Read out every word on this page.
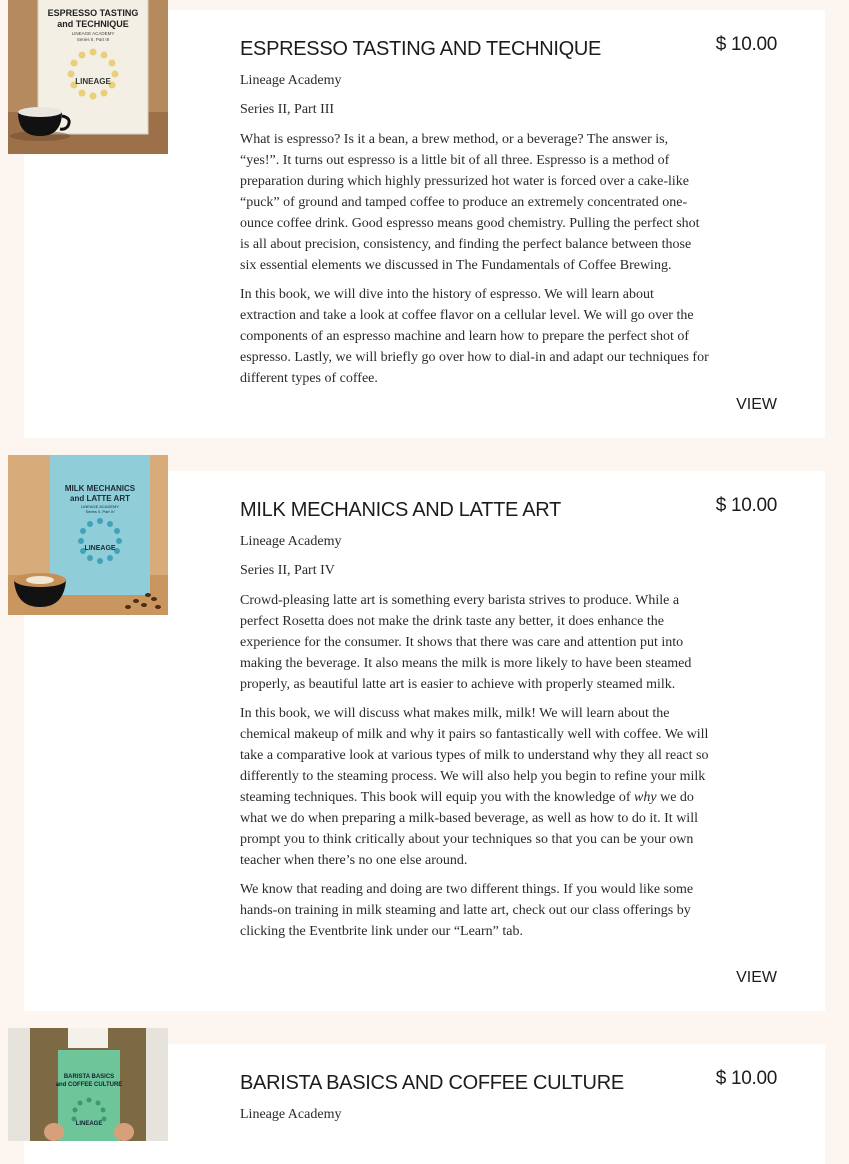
ESPRESSO TASTING AND TECHNIQUE	$ 10.00
Lineage Academy
Series II, Part III

What is espresso? Is it a bean, a brew method, or a beverage? The answer is, “yes!”. It turns out espresso is a little bit of all three. Espresso is a method of preparation during which highly pressurized hot water is forced over a cake-like “puck” of ground and tamped coffee to produce an extremely concentrated one-ounce coffee drink. Good espresso means good chemistry. Pulling the perfect shot is all about precision, consistency, and finding the perfect balance between those six essential elements we discussed in The Fundamentals of Coffee Brewing.

In this book, we will dive into the history of espresso. We will learn about extraction and take a look at coffee flavor on a cellular level. We will go over the components of an espresso machine and learn how to prepare the perfect shot of espresso. Lastly, we will briefly go over how to dial-in and adapt our techniques for different types of coffee.

VIEW
ESPRESSO TASTING
and TECHNIQUE
LINEAGE ACADEMY
Series II, Part III
LINEAGE
MILK MECHANICS AND LATTE ART	$ 10.00
Lineage Academy
Series II, Part IV

Crowd-pleasing latte art is something every barista strives to produce. While a perfect Rosetta does not make the drink taste any better, it does enhance the experience for the consumer. It shows that there was care and attention put into making the beverage. It also means the milk is more likely to have been steamed properly, as beautiful latte art is easier to achieve with properly steamed milk.

In this book, we will discuss what makes milk, milk! We will learn about the chemical makeup of milk and why it pairs so fantastically well with coffee. We will take a comparative look at various types of milk to understand why they all react so differently to the steaming process. We will also help you begin to refine your milk steaming techniques. This book will equip you with the knowledge of why we do what we do when preparing a milk-based beverage, as well as how to do it. It will prompt you to think critically about your techniques so that you can be your own teacher when there’s no one else around.

We know that reading and doing are two different things. If you would like some hands-on training in milk steaming and latte art, check out our class offerings by clicking the Eventbrite link under our “Learn” tab.

VIEW
MILK MECHANICS
and LATTE ART
LINEAGE ACADEMY
Series II, Part IV
LINEAGE
BARISTA BASICS AND COFFEE CULTURE	$ 10.00
Lineage Academy
BARISTA BASICS
and COFFEE CULTURE
LINEAGE
